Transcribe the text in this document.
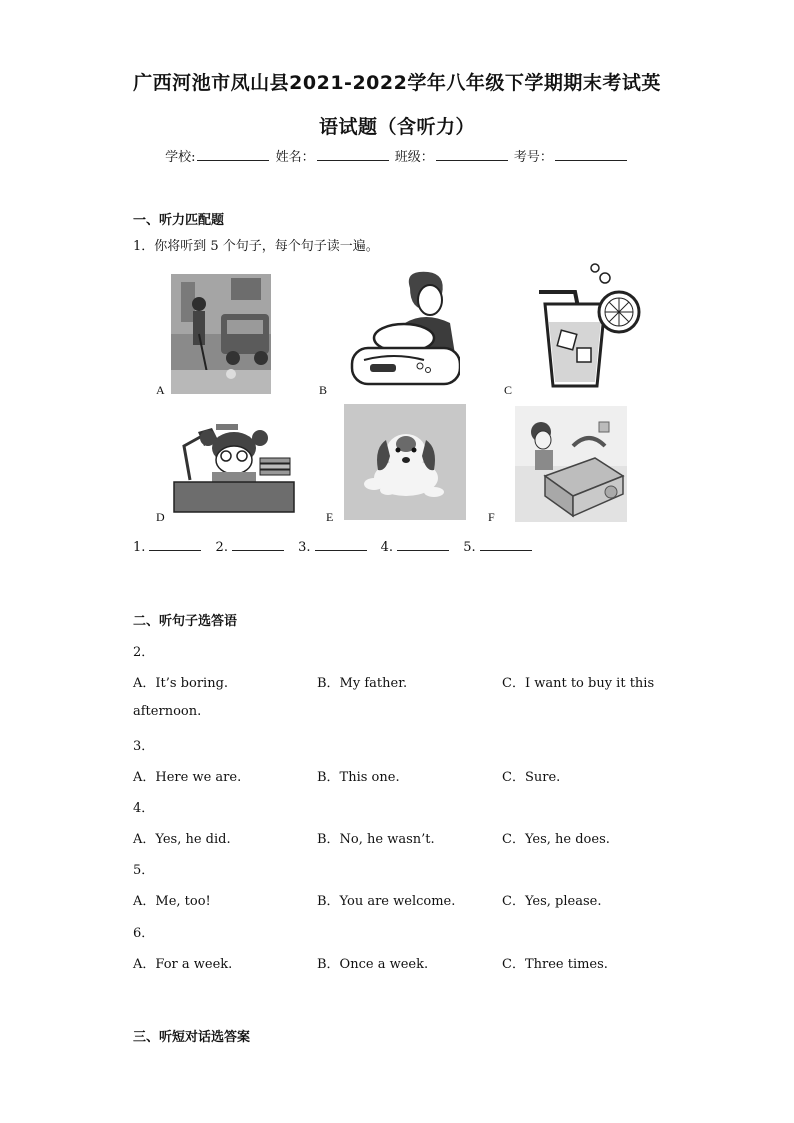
广西河池市凤山县2021-2022学年八年级下学期期末考试英
语试题（含听力）
学校:	姓名：	班级：	考号：
一、听力匹配题
1．你将听到 5 个句子，每个句子读一遍。
A	B	C
D	E	F
1.	2.	3.	4.	5.
二、听句子选答语
2．
A．It’s boring.	B．My father.	C．I want to buy it this
afternoon.
3．
A．Here we are.	B．This one.	C．Sure.
4．
A．Yes, he did.	B．No, he wasn’t.	C．Yes, he does.
5．
A．Me, too!	B．You are welcome.	C．Yes, please.
6．
A．For a week.	B．Once a week.	C．Three times.
三、听短对话选答案
